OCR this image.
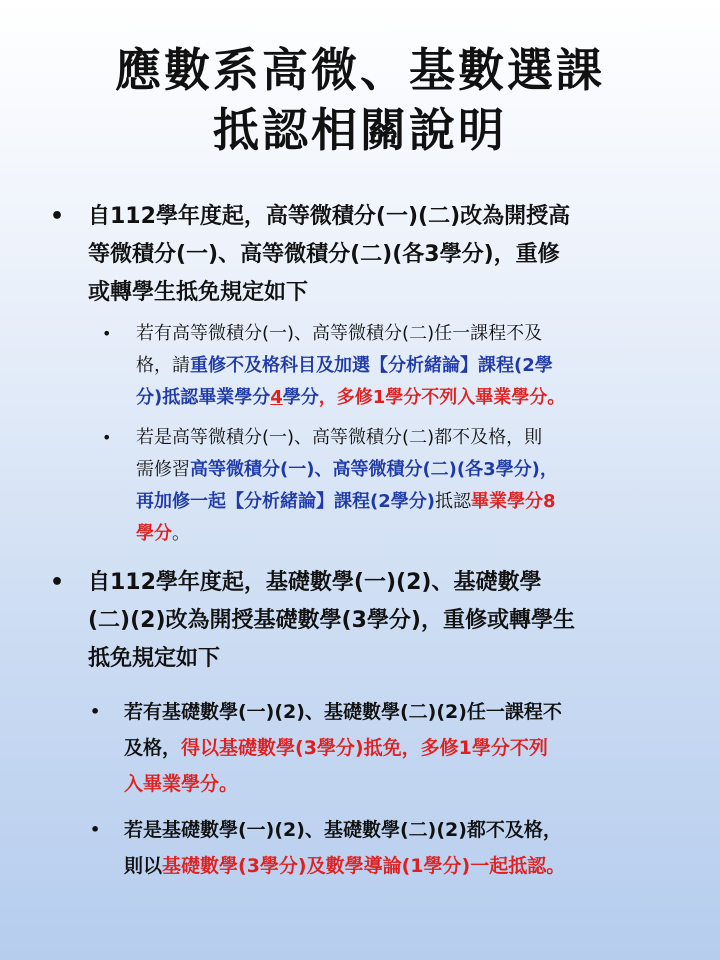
應數系高微、基數選課
抵認相關說明
• 自112學年度起，高等微積分(一)(二)改為開授高
等微積分(一)、高等微積分(二)(各3學分)，重修
或轉學生抵免規定如下
• 若有高等微積分(一)、高等微積分(二)任一課程不及
格，請重修不及格科目及加選【分析緒論】課程(2學
分)抵認畢業學分4學分，多修1學分不列入畢業學分。
• 若是高等微積分(一)、高等微積分(二)都不及格，則
需修習高等微積分(一)、高等微積分(二)(各3學分)，
再加修一起【分析緒論】課程(2學分)抵認畢業學分8
學分。
• 自112學年度起，基礎數學(一)(2)、基礎數學
(二)(2)改為開授基礎數學(3學分)，重修或轉學生
抵免規定如下
• 若有基礎數學(一)(2)、基礎數學(二)(2)任一課程不
及格，得以基礎數學(3學分)抵免，多修1學分不列
入畢業學分。
• 若是基礎數學(一)(2)、基礎數學(二)(2)都不及格，
則以基礎數學(3學分)及數學導論(1學分)一起抵認。
